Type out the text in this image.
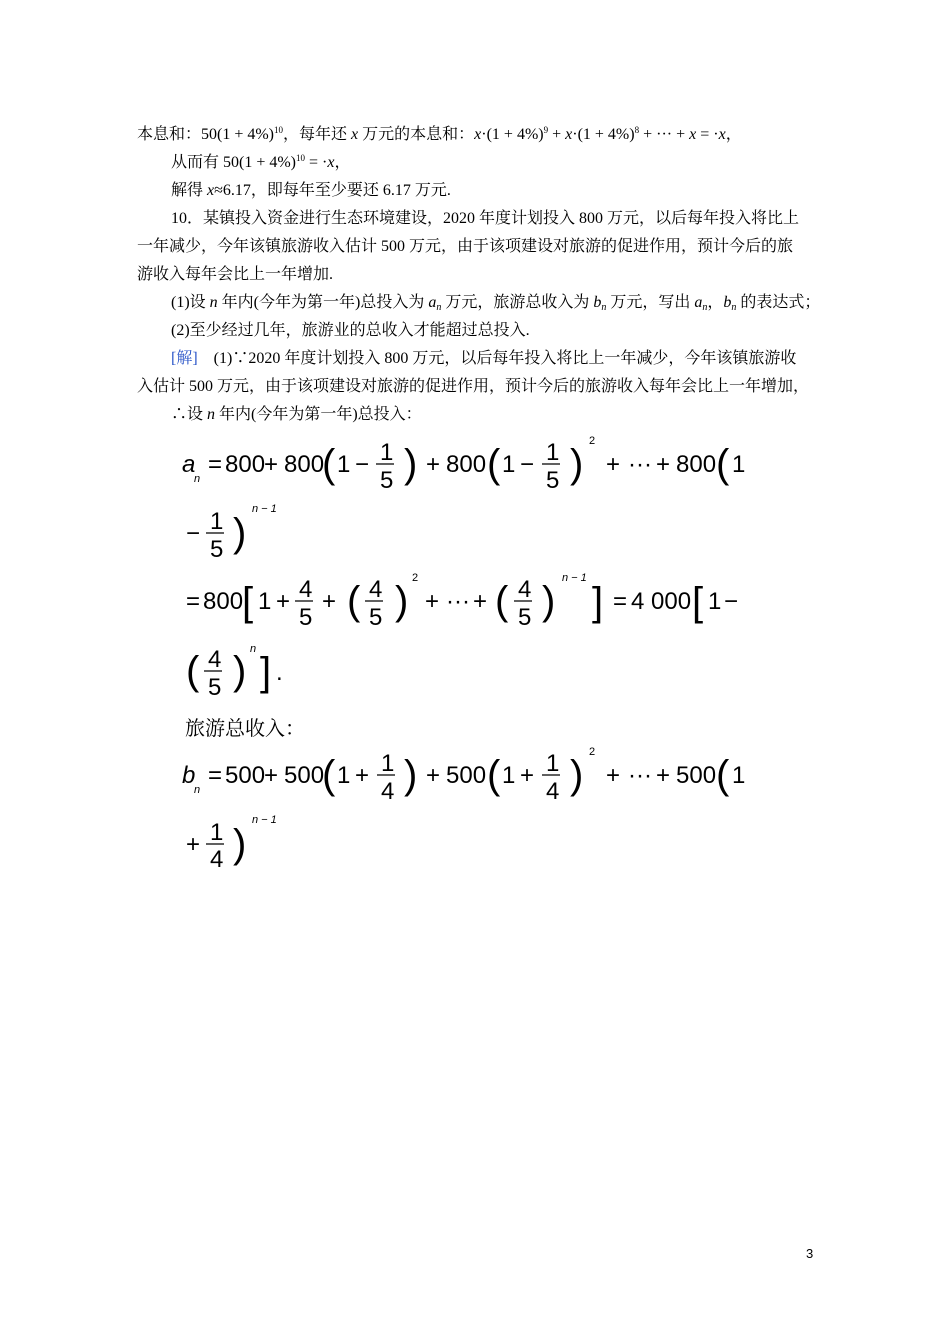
本息和：$50(1 + 4\%)^{10}$，每年还 x 万元的本息和：$x\cdot(1 + 4\%)^9 + x\cdot(1 + 4\%)^8$ + ··· + x = ·x，
从而有 $50(1 + 4\%)^{10} = \cdot x$，
解得 x≈6.17，即每年至少要还 6.17 万元.
10．某镇投入资金进行生态环境建设，2020 年度计划投入 800 万元，以后每年投入将比上
一年减少，今年该镇旅游收入估计 500 万元，由于该项建设对旅游的促进作用，预计今后的旅
游收入每年会比上一年增加.
(1)设 n 年内(今年为第一年)总投入为 $a_n$ 万元，旅游总收入为 $b_n$ 万元，写出 $a_n$，$b_n$ 的表达式；
(2)至少经过几年，旅游业的总收入才能超过总投入.
[解]　(1)∵2020 年度计划投入 800 万元，以后每年投入将比上一年减少，今年该镇旅游收
入估计 500 万元，由于该项建设对旅游的促进作用，预计今后的旅游收入每年会比上一年增加，
∴设 n 年内(今年为第一年)总投入：
旅游总收入：
a
n
= 800
+ 800
( 1 − 1
5 ) + 800 ( 1 − 1
5 )
2
+ ··· + 800 ( 1
− 1
5 )
n − 1
= 800
[ 1 + 4
5
+ ( 4
5 )
2
+ ··· + ( 4
5 )
n − 1
] = 4 000 [ 1 −
( 4
5 ) n
] .
b
n
= 500
+ 500
( 1 + 1
4 ) + 500 ( 1 + 1
4 )
2
+ ··· + 500 ( 1
+ 1
4 )
n − 1
3
